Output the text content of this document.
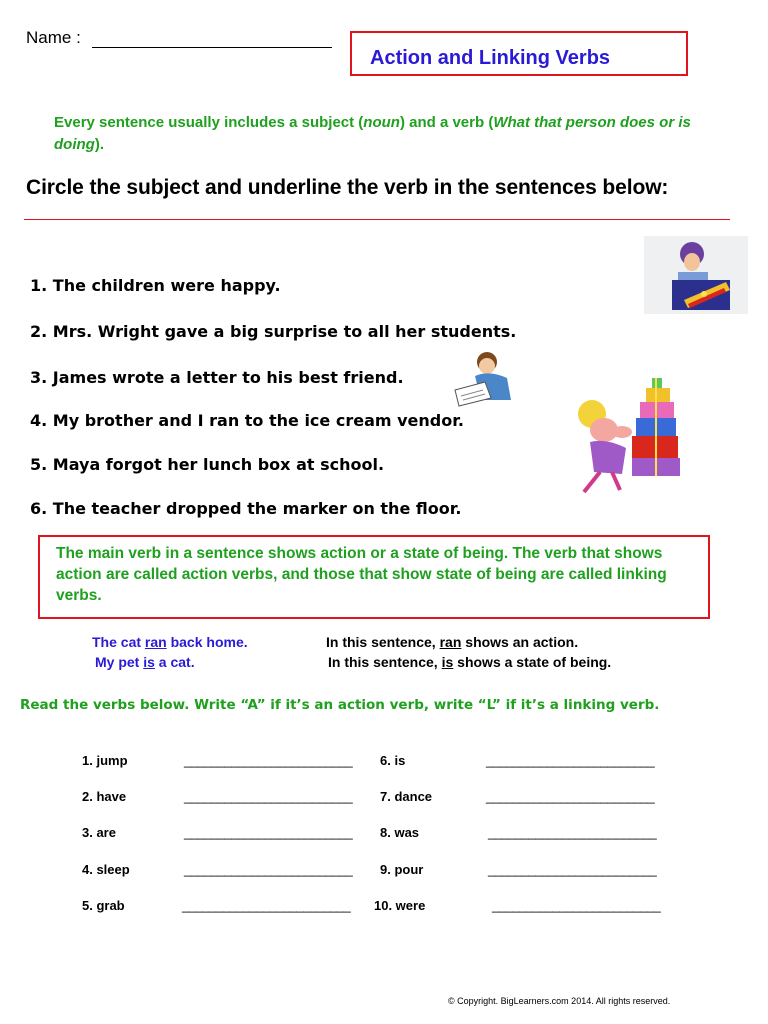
Name :
Action and Linking Verbs
Every sentence usually includes a subject (noun) and a verb (What that person does or is doing).
Circle the subject and underline the verb in the sentences below:
1. The children were happy.
2. Mrs. Wright gave a big surprise to all her students.
3. James wrote a letter to his best friend.
4. My brother and I ran to the ice cream vendor.
5. Maya forgot her lunch box at school.
6. The teacher dropped the marker on the floor.
The main verb in a sentence shows action or a state of being. The verb that shows action are called action verbs, and those that show state of being are called linking verbs.
The cat ran back home.	In this sentence, ran shows an action.
My pet is a cat.	In this sentence, is shows a state of being.
Read the verbs below. Write “A” if it’s an action verb, write “L” if it’s a linking verb.
1. jump
2. have
3. are
4. sleep
5. grab
_________________________
_________________________
_________________________
_________________________
_________________________
6. is
7. dance
8. was
9. pour
10. were
_________________________
_________________________
_________________________
_________________________
_________________________
© Copyright. BigLearners.com 2014. All rights reserved.
